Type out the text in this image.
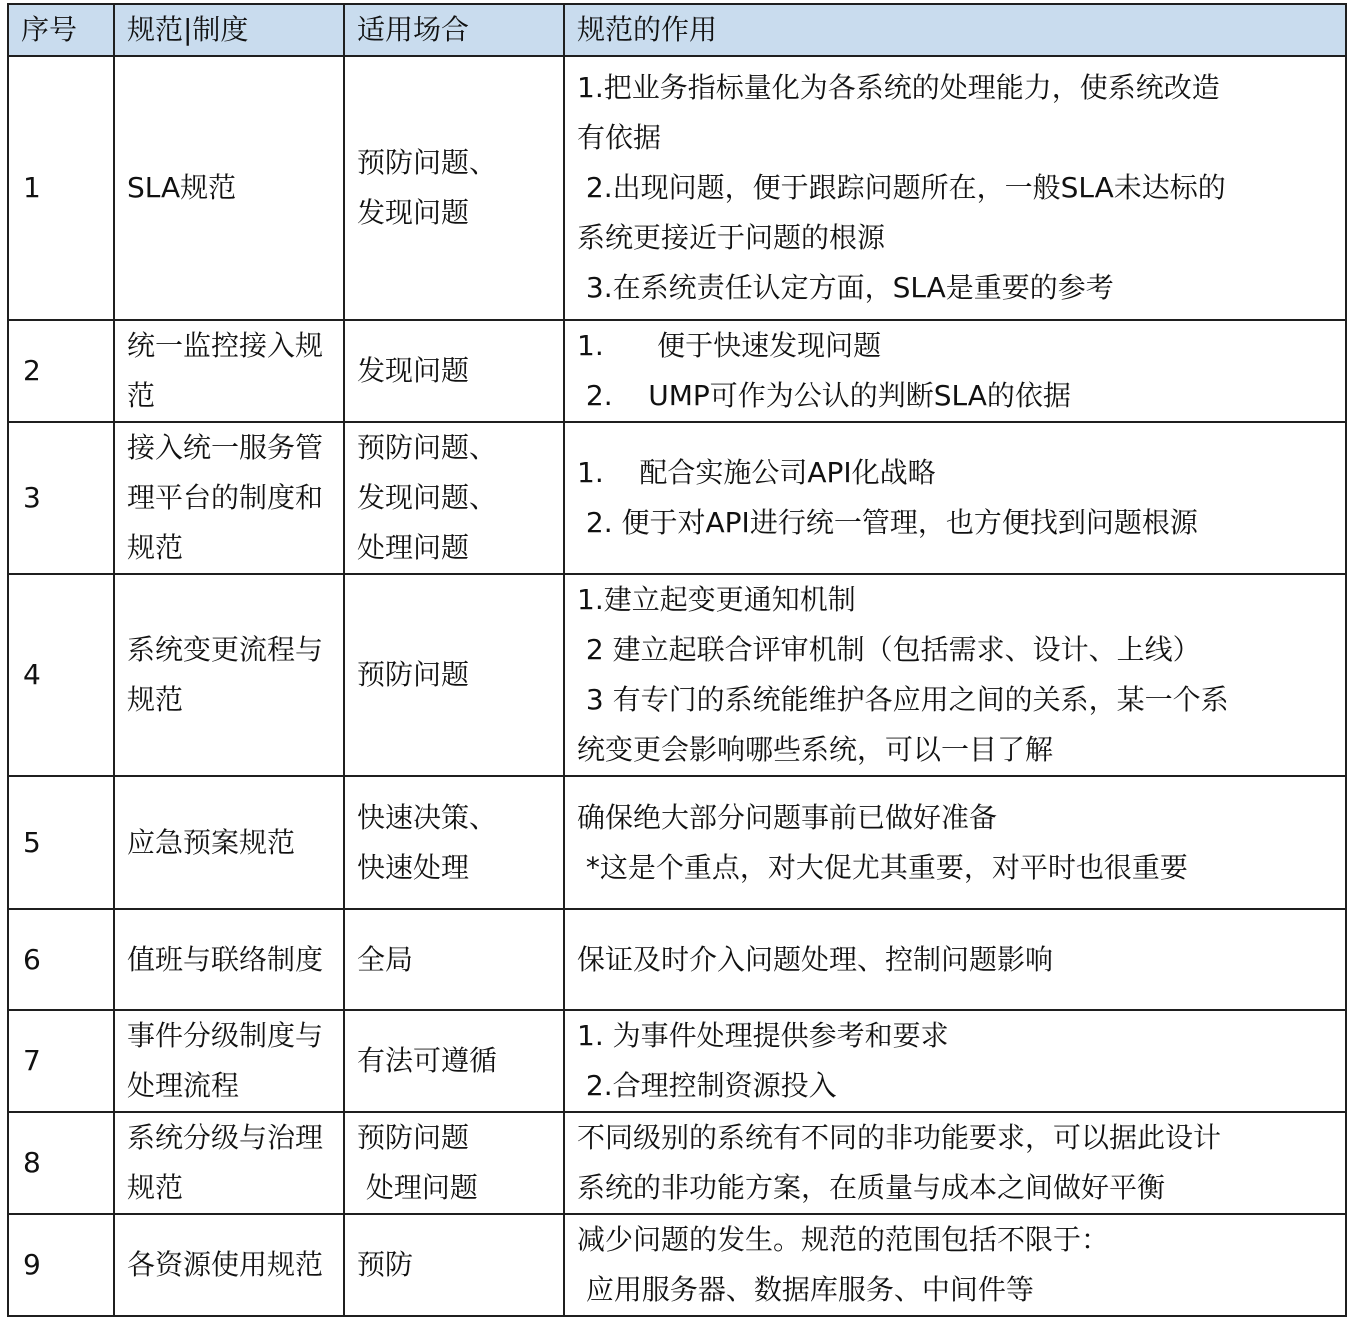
序号	规范|制度	适用场合	规范的作用
1	SLA规范	预防问题、
发现问题	1.把业务指标量化为各系统的处理能力，使系统改造
有依据
2.出现问题，便于跟踪问题所在，一般SLA未达标的
系统更接近于问题的根源
3.在系统责任认定方面，SLA是重要的参考

2	统一监控接入规范	发现问题	1.      便于快速发现问题
2.    UMP可作为公认的判断SLA的依据

3	接入统一服务管理平台的制度和规范	预防问题、
发现问题、
处理问题	1.    配合实施公司API化战略
2. 便于对API进行统一管理，也方便找到问题根源

4	系统变更流程与规范	预防问题	1.建立起变更通知机制
2 建立起联合评审机制（包括需求、设计、上线）
3 有专门的系统能维护各应用之间的关系，某一个系
统变更会影响哪些系统，可以一目了解

5	应急预案规范	快速决策、
快速处理	确保绝大部分问题事前已做好准备
*这是个重点，对大促尤其重要，对平时也很重要

6	值班与联络制度	全局	保证及时介入问题处理、控制问题影响

7	事件分级制度与处理流程	有法可遵循	1. 为事件处理提供参考和要求
2.合理控制资源投入

8	系统分级与治理规范	预防问题
处理问题	不同级别的系统有不同的非功能要求，可以据此设计
系统的非功能方案，在质量与成本之间做好平衡

9	各资源使用规范	预防	减少问题的发生。规范的范围包括不限于：
应用服务器、数据库服务、中间件等
